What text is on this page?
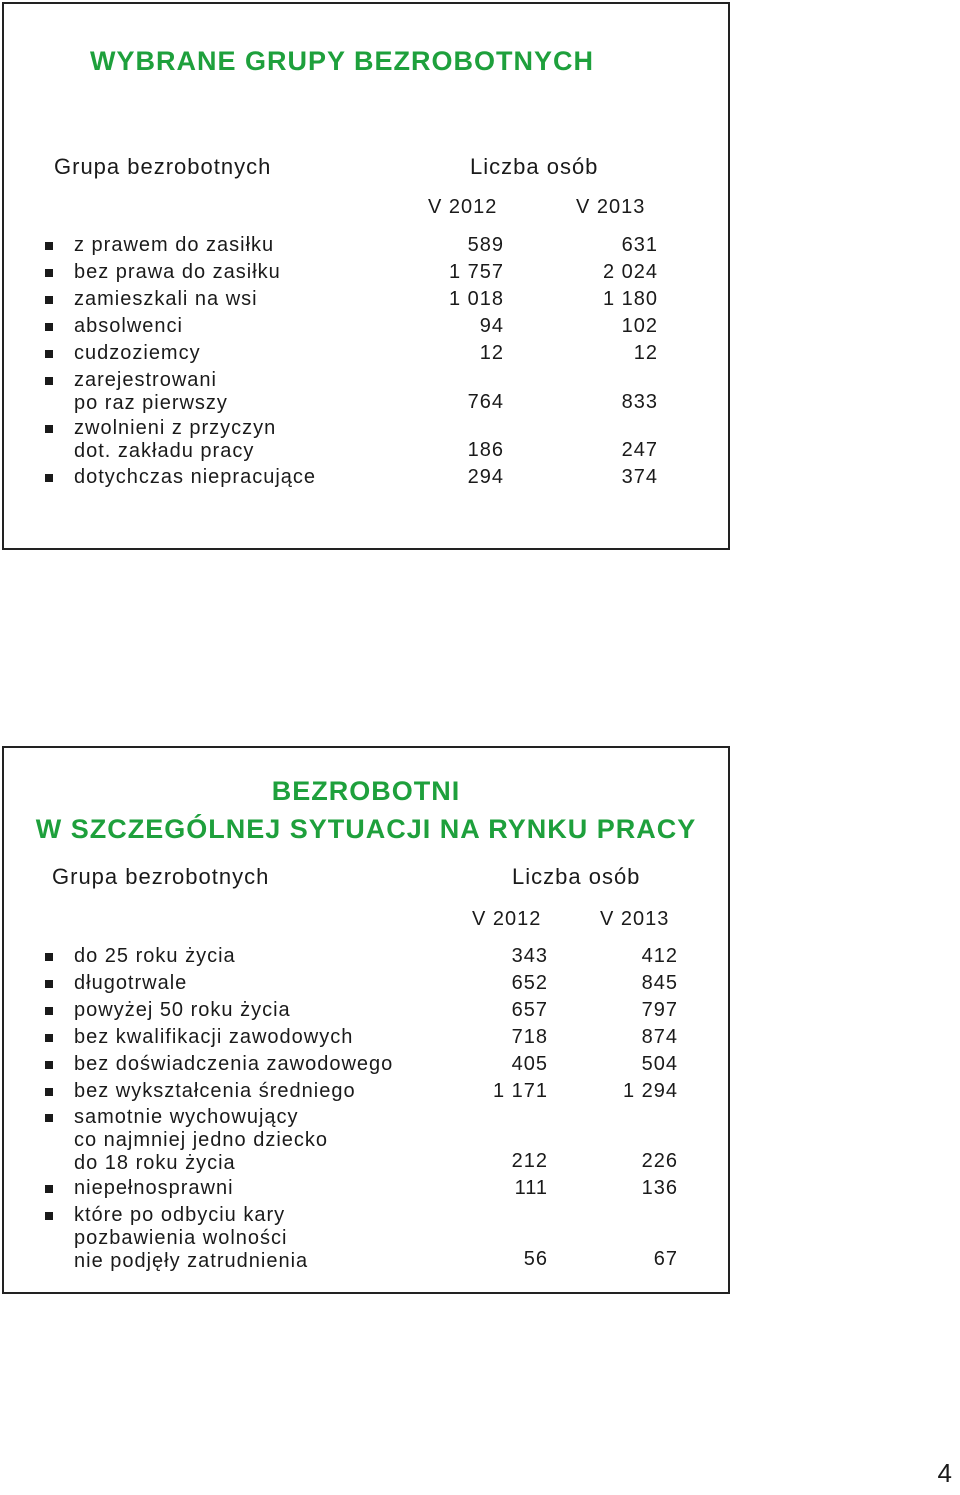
WYBRANE GRUPY BEZROBOTNYCH
Grupa bezrobotnych	Liczba osób
V 2012	V 2013
z prawem do zasiłku	589	631
bez prawa do zasiłku	1 757	2 024
zamieszkali na wsi	1 018	1 180
absolwenci	94	102
cudzoziemcy	12	12
zarejestrowani
po raz pierwszy	764	833
zwolnieni z przyczyn
dot. zakładu pracy	186	247
dotychczas niepracujące	294	374
BEZROBOTNI
W SZCZEGÓLNEJ SYTUACJI NA RYNKU PRACY
Grupa bezrobotnych	Liczba osób
V 2012	V 2013
do 25 roku życia	343	412
długotrwale	652	845
powyżej 50 roku życia	657	797
bez kwalifikacji zawodowych	718	874
bez doświadczenia zawodowego	405	504
bez wykształcenia średniego	1 171	1 294
samotnie wychowujący
co najmniej jedno dziecko
do 18 roku życia	212	226
niepełnosprawni	111	136
które po odbyciu kary
pozbawienia wolności
nie podjęły zatrudnienia	56	67
4
